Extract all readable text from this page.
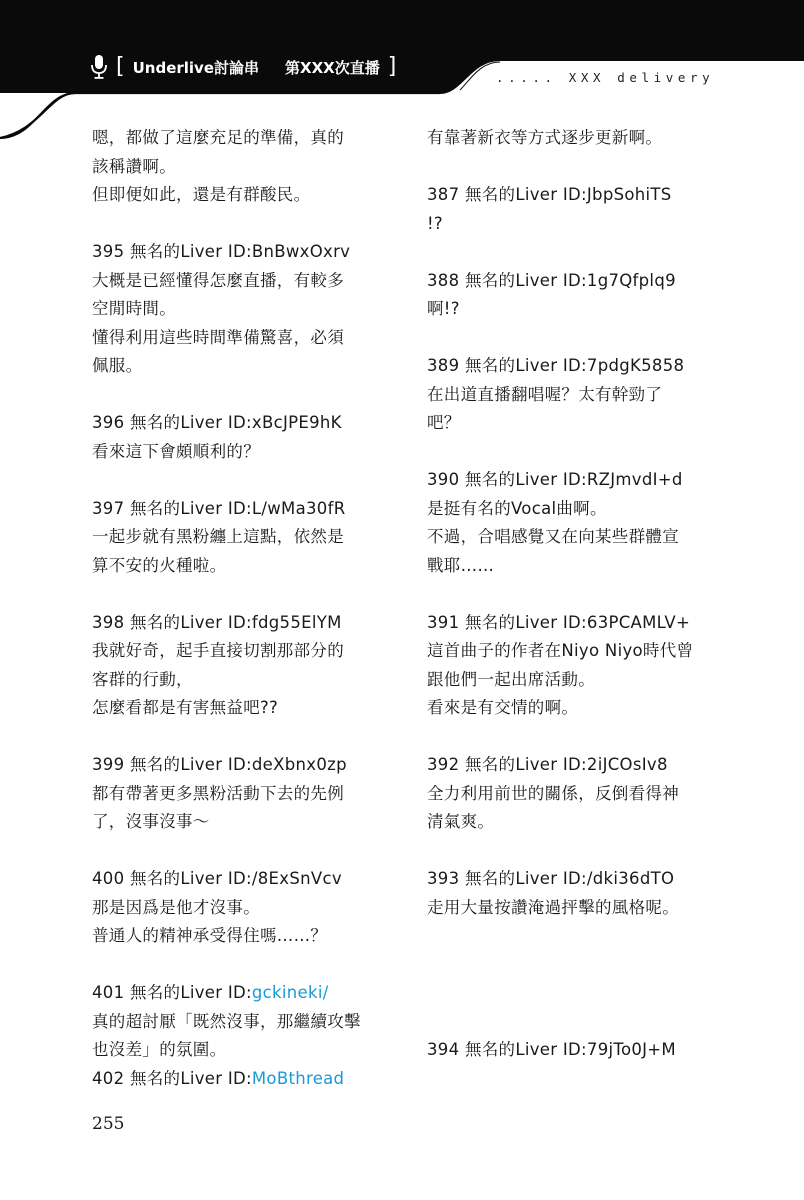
[ Underlive討論串 第XXX次直播 ]	..... XXX delivery
嗯，都做了這麼充足的準備，真的
該稱讚啊。
但即便如此，還是有群酸民。
395 無名的Liver ID:BnBwxOxrv
大概是已經懂得怎麼直播，有較多
空閒時間。
懂得利用這些時間準備驚喜，必須
佩服。
396 無名的Liver ID:xBcJPE9hK
看來這下會頗順利的？
397 無名的Liver ID:L/wMa30fR
一起步就有黑粉纏上這點，依然是
算不安的火種啦。
398 無名的Liver ID:fdg55ElYM
我就好奇，起手直接切割那部分的
客群的行動，
怎麼看都是有害無益吧??
399 無名的Liver ID:deXbnx0zp
都有帶著更多黑粉活動下去的先例
了，沒事沒事～
400 無名的Liver ID:/8ExSnVcv
那是因爲是他才沒事。
普通人的精神承受得住嗎……？
401 無名的Liver ID:gckineki/
真的超討厭「既然沒事，那繼續攻擊
也沒差」的氛圍。
402 無名的Liver ID:MoBthread
有靠著新衣等方式逐步更新啊。
387 無名的Liver ID:JbpSohiTS
!?
388 無名的Liver ID:1g7Qfplq9
啊!?
389 無名的Liver ID:7pdgK5858
在出道直播翻唱喔？太有幹勁了
吧？
390 無名的Liver ID:RZJmvdI+d
是挺有名的Vocal曲啊。
不過，合唱感覺又在向某些群體宣
戰耶……
391 無名的Liver ID:63PCAMLV+
這首曲子的作者在Niyo Niyo時代曾
跟他們一起出席活動。
看來是有交情的啊。
392 無名的Liver ID:2iJCOsIv8
全力利用前世的關係，反倒看得神
清氣爽。
393 無名的Liver ID:/dki36dTO
走用大量按讚淹過抨擊的風格呢。
394 無名的Liver ID:79jTo0J+M
255
